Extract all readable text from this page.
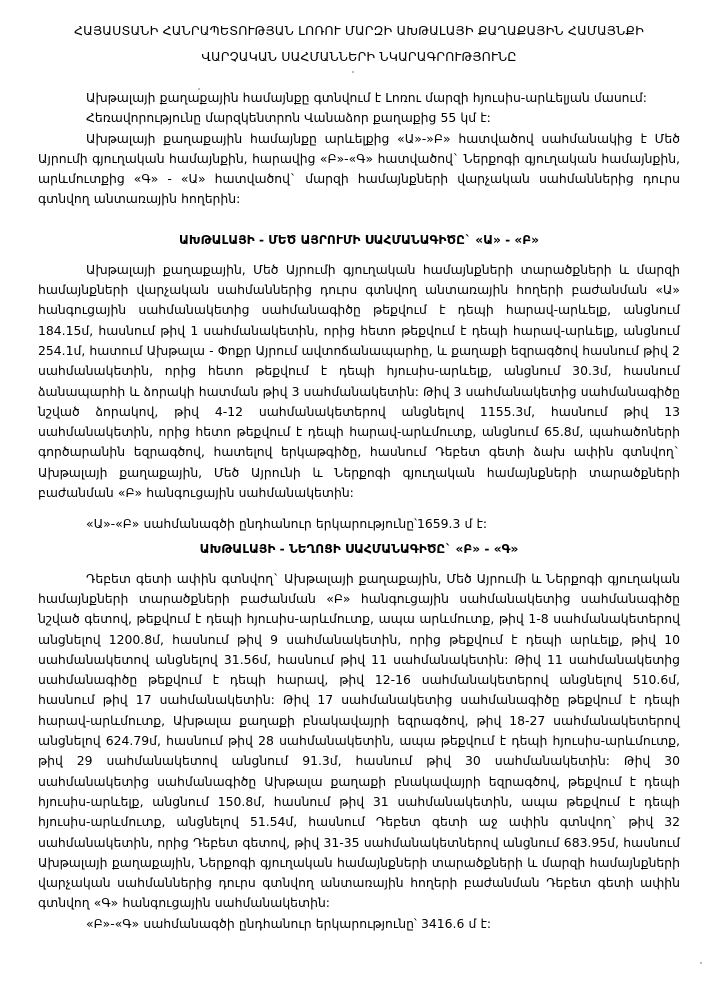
ՀԱՅԱՍՏԱՆԻ ՀԱՆՐԱՊԵՏՈՒԹՅԱՆ ԼՈՌՈՒ ՄԱՐԶԻ ԱԽԹԱԼԱՅԻ ՔԱՂԱՔԱՅԻՆ ՀԱՄԱՅՆՔԻ
ՎԱՐՉԱԿԱՆ ՍԱՀՄԱՆՆԵՐԻ ՆԿԱՐԱԳՐՈՒԹՅՈՒՆԸ

Ախթալայի քաղաքային համայնքը գտնվում է Լոռու մարզի հյուսիս-արևելյան մասում:

Հեռավորությունը մարզկենտրոն Վանաձոր քաղաքից 55 կմ է:

Ախթալայի քաղաքային համայնքը արևելքից «Ա»-»Բ» հատվածով սահմանակից է Մեծ Այրումի գյուղական համայնքին, հարավից «Բ»-«Գ» հատվածով` Ներքոգի գյուղական համայնքին, արևմուտքից «Գ» - «Ա» հատվածով` մարզի համայնքների վարչական սահմաններից դուրս գտնվող անտառային հողերին:

ԱԽԹԱԼԱՅԻ - ՄԵԾ ԱՅՐՈՒՄԻ ՍԱՀՄԱՆԱԳԻԾԸ` «Ա» - «Բ»

Ախթալայի քաղաքային, Մեծ Այրումի գյուղական համայնքների տարածքների և մարզի համայնքների վարչական սահմաններից դուրս գտնվող անտառային հողերի բաժանման «Ա» հանգուցային սահմանակետից սահմանագիծը թեքվում է դեպի հարավ-արևելք, անցնում 184.15մ, հասնում թիվ 1 սահմանակետին, որից հետո թեքվում է դեպի հարավ-արևելք, անցնում 254.1մ, հատում Ախթալա - Փոքր Այրում ավտոճանապարհը, և քաղաքի եզրագծով հասնում թիվ 2 սահմանակետին, որից հետո թեքվում է դեպի հյուսիս-արևելք, անցնում 30.3մ, հասնում ձանապարհի և ձորակի հատման թիվ 3 սահմանակետին: Թիվ 3 սահմանակետից սահմանագիծը նշված ձորակով, թիվ 4-12 սահմանակետերով անցնելով 1155.3մ, հասնում թիվ 13 սահմանակետին, որից հետո թեքվում է դեպի հարավ-արևմուտք, անցնում 65.8մ, պահածոների գործարանին եզրագծով, հատելով երկաթգիծը, հասնում Դեբետ գետի ձախ ափին գտնվող` Ախթալայի քաղաքային, Մեծ Այրունի և Ներքոգի գյուղական համայնքների տարածքների բաժանման «Բ» հանգուցային սահմանակետին:

«Ա»-«Բ» սահմանագծի ընդհանուր երկարությունը՝1659.3 մ է:

ԱԽԹԱԼԱՅԻ - ՆԵՂՈՑԻ ՍԱՀՄԱՆԱԳԻԾԸ` «Բ» - «Գ»

Դեբետ գետի ափին գտնվող` Ախթալայի քաղաքային, Մեծ Այրումի և Ներքոգի գյուղական համայնքների տարածքների բաժանման «Բ» հանգուցային սահմանակետից սահմանագիծը նշված գետով, թեքվում է դեպի հյուսիս-արևմուտք, ապա արևմուտք, թիվ 1-8 սահմանակետերով անցնելով 1200.8մ, հասնում թիվ 9 սահմանակետին, որից թեքվում է դեպի արևելք, թիվ 10 սահմանակետով անցնելով 31.56մ, հասնում թիվ 11 սահմանակետին: Թիվ 11 սահմանակետից սահմանագիծը թեքվում է դեպի հարավ, թիվ 12-16 սահմանակետերով անցնելով 510.6մ, հասնում թիվ 17 սահմանակետին: Թիվ 17 սահմանակետից սահմանագիծը թեքվում է դեպի հարավ-արևմուտք, Ախթալա քաղաքի բնակավայրի եզրագծով, թիվ 18-27 սահմանակետերով անցնելով 624.79մ, հասնում թիվ 28 սահմանակետին, ապա թեքվում է դեպի հյուսիս-արևմուտք, թիվ 29 սահմանակետով անցնում 91.3մ, հասնում թիվ 30 սահմանակետին: Թիվ 30 սահմանակետից սահմանագիծը Ախթալա քաղաքի բնակավայրի եզրագծով, թեքվում է դեպի հյուսիս-արևելք, անցնում 150.8մ, հասնում թիվ 31 սահմանակետին, ապա թեքվում է դեպի հյուսիս-արևմուտք, անցնելով 51.54մ, հասնում Դեբետ գետի աջ ափին գտնվող` թիվ 32 սահմանակետին, որից Դեբետ գետով, թիվ 31-35 սահմանակետներով անցնում 683.95մ, հասնում Ախթալայի քաղաքային, Ներքոգի գյուղական համայնքների տարածքների և մարզի համայնքների վարչական սահմաններից դուրս գտնվող անտառային հողերի բաժանման Դեբետ գետի ափին գտնվող «Գ» հանգուցային սահմանակետին:

«Բ»-«Գ» սահմանագծի ընդհանուր երկարությունը՝ 3416.6 մ է:
